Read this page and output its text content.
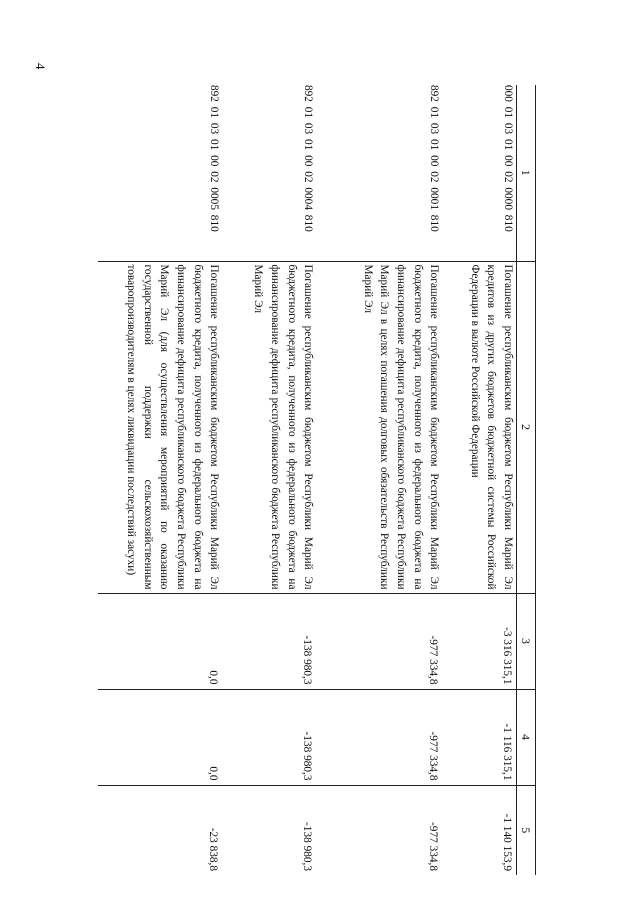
4
1	2	3	4	5
000 01 03 01 00 02 0000 810	Погашение республиканским бюджетом Республики Марий Эл кредитов из других бюджетов бюджетной системы Российской Федерации в валюте Российской Федерации	-3 316 315,1	-1 116 315,1	-1 140 153,9
892 01 03 01 00 02 0001 810	Погашение республиканским бюджетом Республики Марий Эл бюджетного кредита, полученного из федерального бюджета на финансирование дефицита республиканского бюджета Республики Марий Эл в целях погашения долговых обязательств Республики Марий Эл	-977 334,8	-977 334,8	-977 334,8
892 01 03 01 00 02 0004 810	Погашение республиканским бюджетом Республики Марий Эл бюджетного кредита, полученного из федерального бюджета на финансирование дефицита республиканского бюджета Республики Марий Эл	-138 980,3	-138 980,3	-138 980,3
892 01 03 01 00 02 0005 810	Погашение республиканским бюджетом Республики Марий Эл бюджетного кредита, полученного из федерального бюджета на финансирование дефицита республиканского бюджета Республики Марий Эл (для осуществления мероприятий по оказанию государственной поддержки сельскохозяйственным товаропроизводителям в целях ликвидации последствий засухи)	0,0	0,0	-23 838,8
